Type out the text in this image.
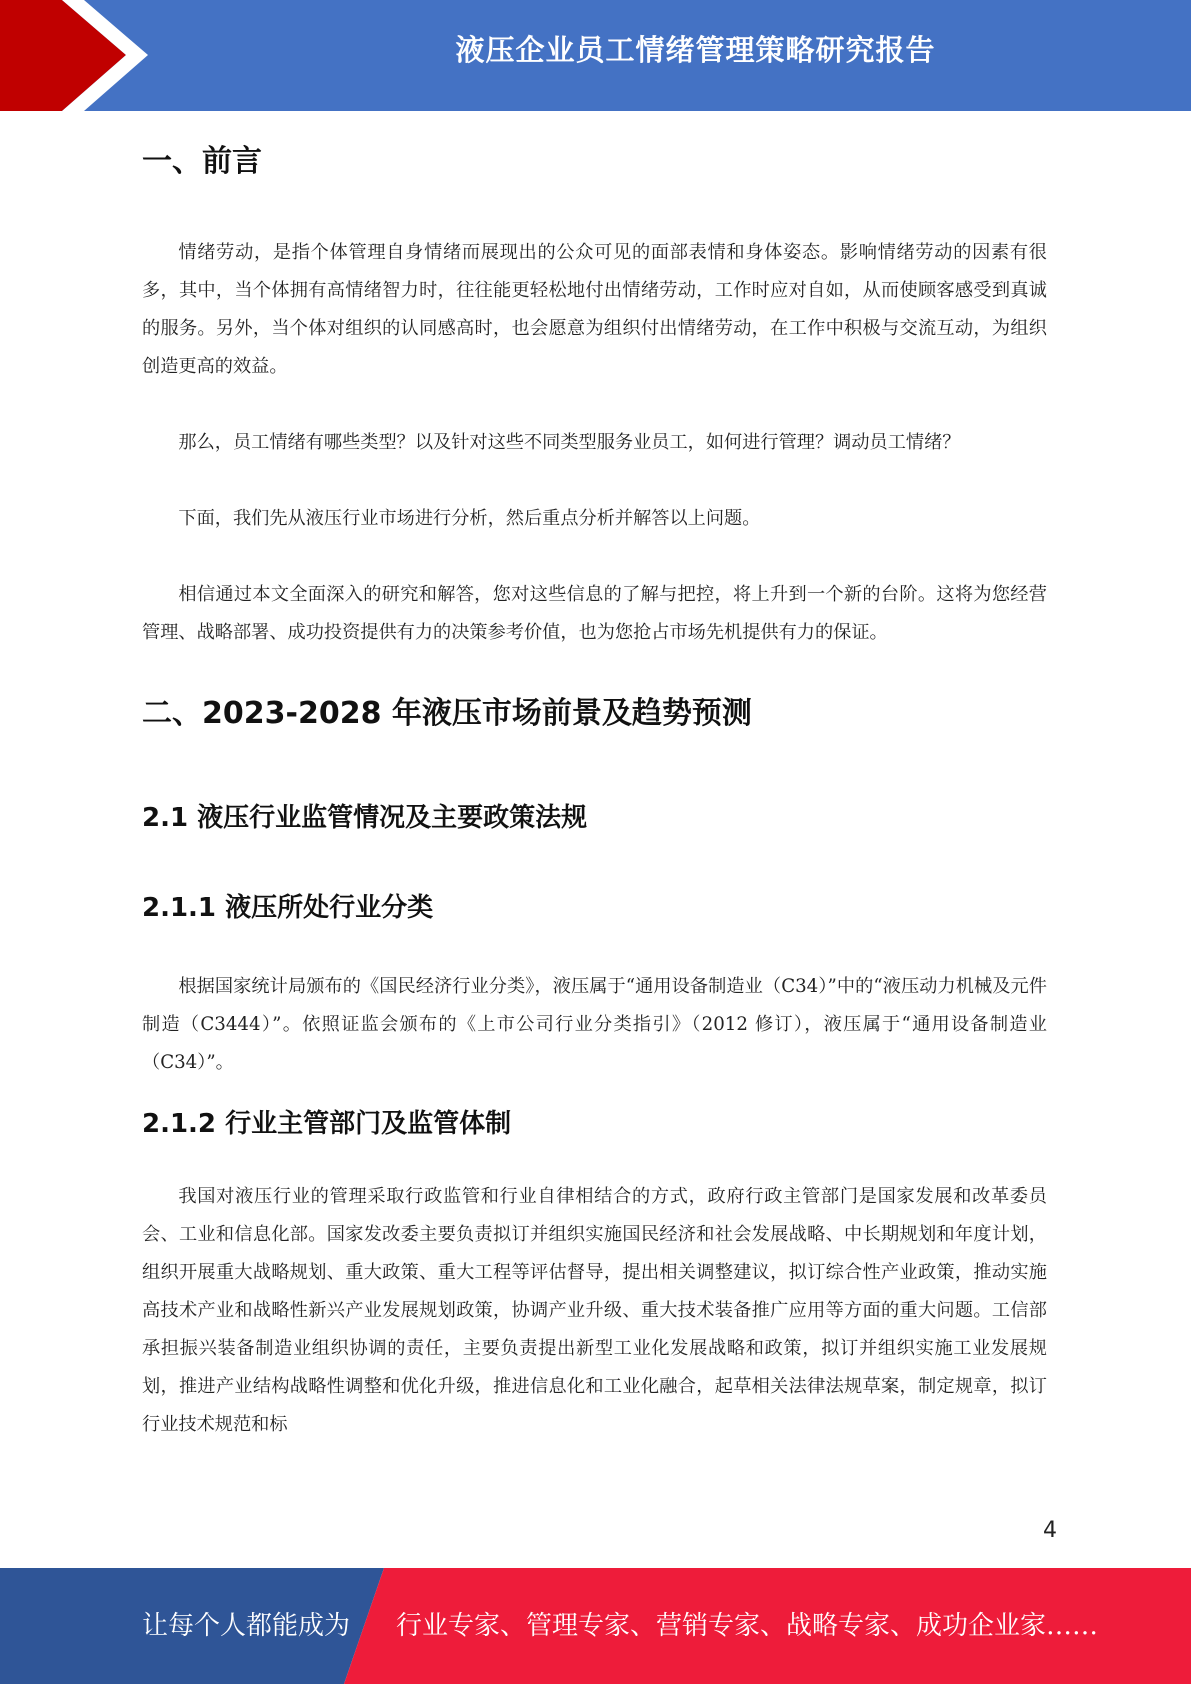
液压企业员工情绪管理策略研究报告
一、前言

情绪劳动，是指个体管理自身情绪而展现出的公众可见的面部表情和身体姿态。影响情绪劳动的因素有很多，其中，当个体拥有高情绪智力时，往往能更轻松地付出情绪劳动，工作时应对自如，从而使顾客感受到真诚的服务。另外，当个体对组织的认同感高时，也会愿意为组织付出情绪劳动，在工作中积极与交流互动，为组织创造更高的效益。

那么，员工情绪有哪些类型？以及针对这些不同类型服务业员工，如何进行管理？调动员工情绪？

下面，我们先从液压行业市场进行分析，然后重点分析并解答以上问题。

相信通过本文全面深入的研究和解答，您对这些信息的了解与把控，将上升到一个新的台阶。这将为您经营管理、战略部署、成功投资提供有力的决策参考价值，也为您抢占市场先机提供有力的保证。

二、2023-2028 年液压市场前景及趋势预测
2.1 液压行业监管情况及主要政策法规
2.1.1 液压所处行业分类

根据国家统计局颁布的《国民经济行业分类》，液压属于“通用设备制造业（C34）”中的“液压动力机械及元件制造（C3444）”。依照证监会颁布的《上市公司行业分类指引》（2012 修订），液压属于“通用设备制造业（C34）”。

2.1.2 行业主管部门及监管体制

我国对液压行业的管理采取行政监管和行业自律相结合的方式，政府行政主管部门是国家发展和改革委员会、工业和信息化部。国家发改委主要负责拟订并组织实施国民经济和社会发展战略、中长期规划和年度计划，组织开展重大战略规划、重大政策、重大工程等评估督导，提出相关调整建议，拟订综合性产业政策，推动实施高技术产业和战略性新兴产业发展规划政策，协调产业升级、重大技术装备推广应用等方面的重大问题。工信部承担振兴装备制造业组织协调的责任，主要负责提出新型工业化发展战略和政策，拟订并组织实施工业发展规划，推进产业结构战略性调整和优化升级，推进信息化和工业化融合，起草相关法律法规草案，制定规章，拟订行业技术规范和标

4
让每个人都能成为 行业专家、管理专家、营销专家、战略专家、成功企业家……
